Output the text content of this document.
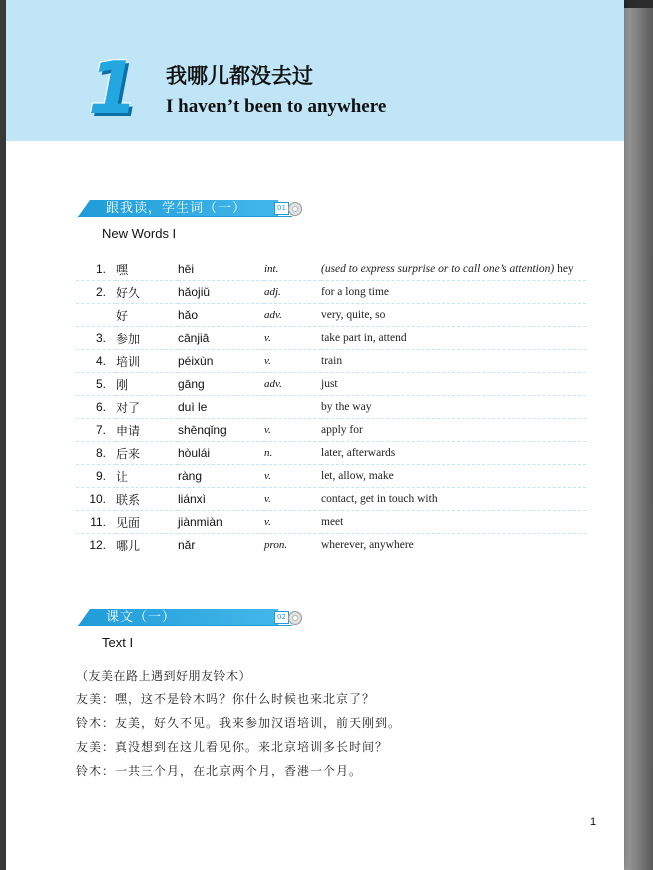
1 我哪儿都没去过
I haven’t been to anywhere
跟我读，学生词（一）	01
New Words I
1.	嘿	hēi	int.	(used to express surprise or to call one’s attention) hey
2.	好久	hǎojiǔ	adj.	for a long time
	好	hǎo	adv.	very, quite, so
3.	参加	cānjiā	v.	take part in, attend
4.	培训	péixùn	v.	train
5.	刚	gāng	adv.	just
6.	对了	duì le		by the way
7.	申请	shēnqǐng	v.	apply for
8.	后来	hòulái	n.	later, afterwards
9.	让	ràng	v.	let, allow, make
10.	联系	liánxì	v.	contact, get in touch with
11.	见面	jiànmiàn	v.	meet
12.	哪儿	nǎr	pron.	wherever, anywhere
课文（一）	02
Text I
（友美在路上遇到好朋友铃木）
友美：嘿，这不是铃木吗？你什么时候也来北京了？
铃木：友美，好久不见。我来参加汉语培训，前天刚到。
友美：真没想到在这儿看见你。来北京培训多长时间？
铃木：一共三个月，在北京两个月，香港一个月。
1
